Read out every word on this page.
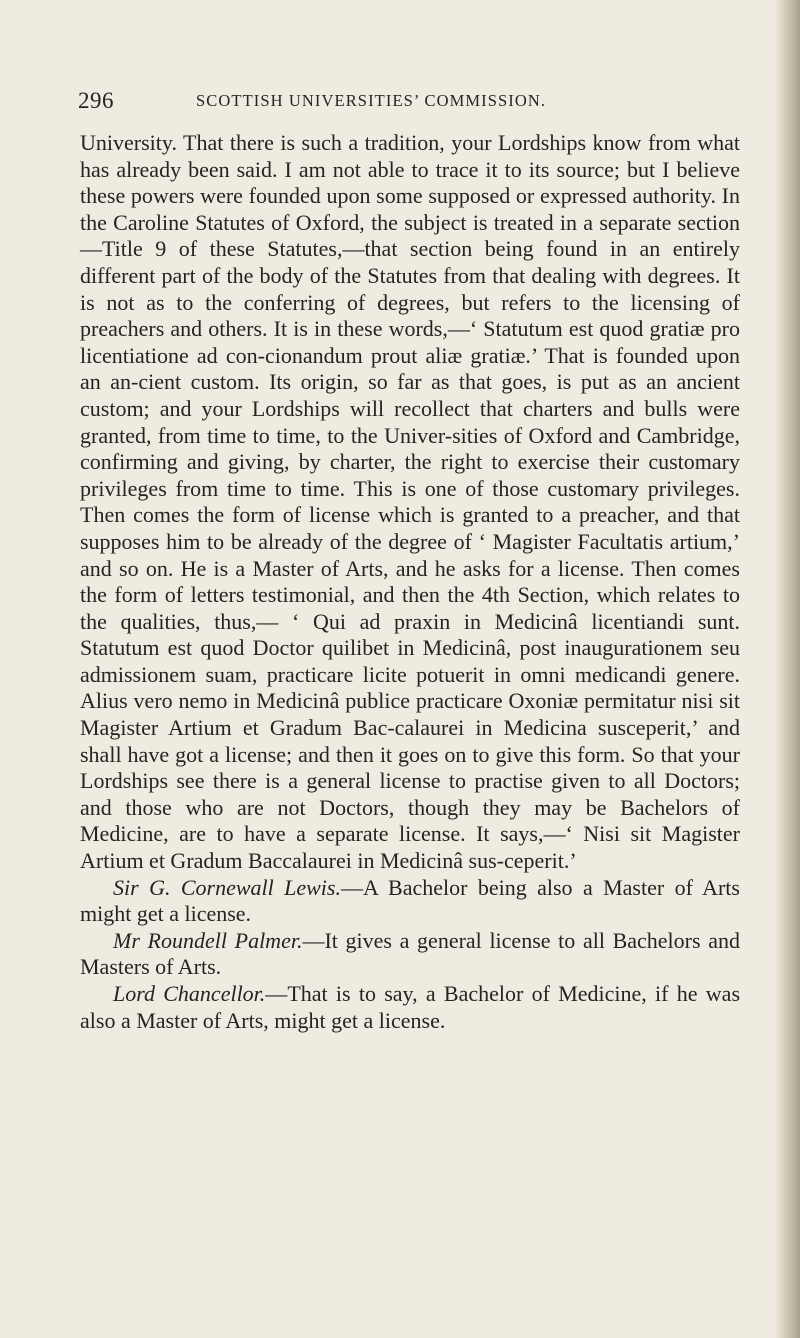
296	SCOTTISH UNIVERSITIES’ COMMISSION.

University. That there is such a tradition, your Lordships know from what has already been said. I am not able to trace it to its source; but I believe these powers were founded upon some supposed or expressed authority. In the Caroline Statutes of Oxford, the subject is treated in a separate section—Title 9 of these Statutes,—that section being found in an entirely different part of the body of the Statutes from that dealing with degrees. It is not as to the conferring of degrees, but refers to the licensing of preachers and others. It is in these words,—‘ Statutum est quod gratiæ pro licentiatione ad con-cionandum prout aliæ gratiæ.’ That is founded upon an an-cient custom. Its origin, so far as that goes, is put as an ancient custom; and your Lordships will recollect that charters and bulls were granted, from time to time, to the Univer-sities of Oxford and Cambridge, confirming and giving, by charter, the right to exercise their customary privileges from time to time. This is one of those customary privileges. Then comes the form of license which is granted to a preacher, and that supposes him to be already of the degree of ‘ Magister Facultatis artium,’ and so on. He is a Master of Arts, and he asks for a license. Then comes the form of letters testimonial, and then the 4th Section, which relates to the qualities, thus,— ‘ Qui ad praxin in Medicinâ licentiandi sunt. Statutum est quod Doctor quilibet in Medicinâ, post inaugurationem seu admissionem suam, practicare licite potuerit in omni medicandi genere. Alius vero nemo in Medicinâ publice practicare Oxoniæ permitatur nisi sit Magister Artium et Gradum Bac-calaurei in Medicina susceperit,’ and shall have got a license; and then it goes on to give this form. So that your Lordships see there is a general license to practise given to all Doctors; and those who are not Doctors, though they may be Bachelors of Medicine, are to have a separate license. It says,—‘ Nisi sit Magister Artium et Gradum Baccalaurei in Medicinâ sus-ceperit.’

Sir G. Cornewall Lewis.—A Bachelor being also a Master of Arts might get a license.

Mr Roundell Palmer.—It gives a general license to all Bachelors and Masters of Arts.

Lord Chancellor.—That is to say, a Bachelor of Medicine, if he was also a Master of Arts, might get a license.
